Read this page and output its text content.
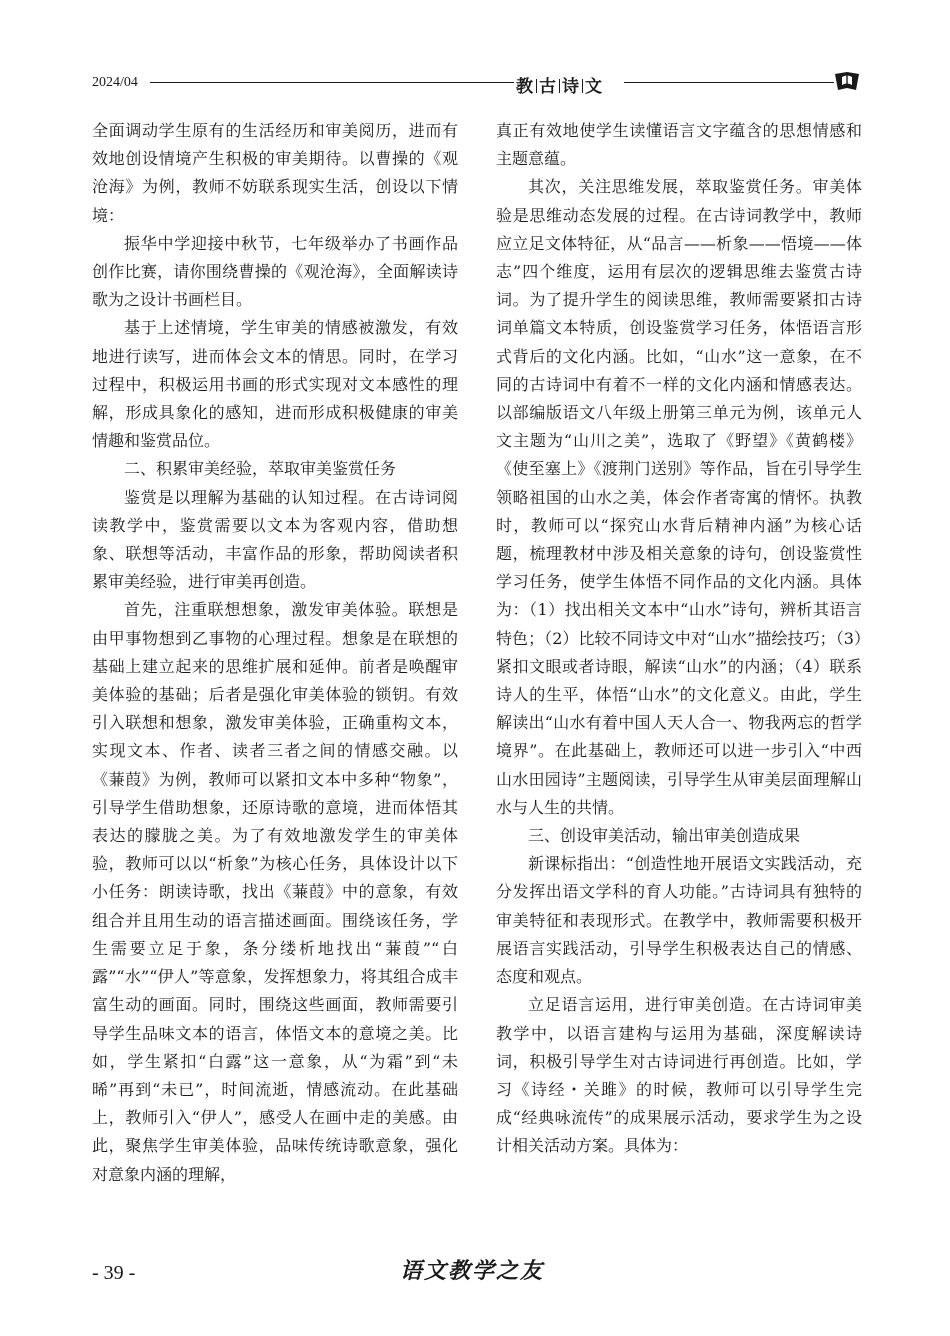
2024/04	教 古 诗 文

全面调动学生原有的生活经历和审美阅历，进而有效地创设情境产生积极的审美期待。以曹操的《观沧海》为例，教师不妨联系现实生活，创设以下情境：

振华中学迎接中秋节，七年级举办了书画作品创作比赛，请你围绕曹操的《观沧海》，全面解读诗歌为之设计书画栏目。

基于上述情境，学生审美的情感被激发，有效地进行读写，进而体会文本的情思。同时，在学习过程中，积极运用书画的形式实现对文本感性的理解，形成具象化的感知，进而形成积极健康的审美情趣和鉴赏品位。

二、积累审美经验，萃取审美鉴赏任务

鉴赏是以理解为基础的认知过程。在古诗词阅读教学中，鉴赏需要以文本为客观内容，借助想象、联想等活动，丰富作品的形象，帮助阅读者积累审美经验，进行审美再创造。

首先，注重联想想象，激发审美体验。联想是由甲事物想到乙事物的心理过程。想象是在联想的基础上建立起来的思维扩展和延伸。前者是唤醒审美体验的基础；后者是强化审美体验的锁钥。有效引入联想和想象，激发审美体验，正确重构文本，实现文本、作者、读者三者之间的情感交融。以《蒹葭》为例，教师可以紧扣文本中多种“物象”，引导学生借助想象，还原诗歌的意境，进而体悟其表达的朦胧之美。为了有效地激发学生的审美体验，教师可以以“析象”为核心任务，具体设计以下小任务：朗读诗歌，找出《蒹葭》中的意象，有效组合并且用生动的语言描述画面。围绕该任务，学生需要立足于象，条分缕析地找出“蒹葭”“白露”“水”“伊人”等意象，发挥想象力，将其组合成丰富生动的画面。同时，围绕这些画面，教师需要引导学生品味文本的语言，体悟文本的意境之美。比如，学生紧扣“白露”这一意象，从“为霜”到“未晞”再到“未已”，时间流逝，情感流动。在此基础上，教师引入“伊人”，感受人在画中走的美感。由此，聚焦学生审美体验，品味传统诗歌意象，强化对意象内涵的理解，

真正有效地使学生读懂语言文字蕴含的思想情感和主题意蕴。

其次，关注思维发展，萃取鉴赏任务。审美体验是思维动态发展的过程。在古诗词教学中，教师应立足文体特征，从“品言——析象——悟境——体志”四个维度，运用有层次的逻辑思维去鉴赏古诗词。为了提升学生的阅读思维，教师需要紧扣古诗词单篇文本特质，创设鉴赏学习任务，体悟语言形式背后的文化内涵。比如，“山水”这一意象，在不同的古诗词中有着不一样的文化内涵和情感表达。以部编版语文八年级上册第三单元为例，该单元人文主题为“山川之美”，选取了《野望》《黄鹤楼》《使至塞上》《渡荆门送别》等作品，旨在引导学生领略祖国的山水之美，体会作者寄寓的情怀。执教时，教师可以“探究山水背后精神内涵”为核心话题，梳理教材中涉及相关意象的诗句，创设鉴赏性学习任务，使学生体悟不同作品的文化内涵。具体为：（1）找出相关文本中“山水”诗句，辨析其语言特色；（2）比较不同诗文中对“山水”描绘技巧；（3）紧扣文眼或者诗眼，解读“山水”的内涵；（4）联系诗人的生平，体悟“山水”的文化意义。由此，学生解读出“山水有着中国人天人合一、物我两忘的哲学境界”。在此基础上，教师还可以进一步引入“中西山水田园诗”主题阅读，引导学生从审美层面理解山水与人生的共情。

三、创设审美活动，输出审美创造成果

新课标指出：“创造性地开展语文实践活动，充分发挥出语文学科的育人功能。”古诗词具有独特的审美特征和表现形式。在教学中，教师需要积极开展语言实践活动，引导学生积极表达自己的情感、态度和观点。

立足语言运用，进行审美创造。在古诗词审美教学中，以语言建构与运用为基础，深度解读诗词，积极引导学生对古诗词进行再创造。比如，学习《诗经・关雎》的时候，教师可以引导学生完成“经典咏流传”的成果展示活动，要求学生为之设计相关活动方案。具体为：

- 39 -	语文教学之友
